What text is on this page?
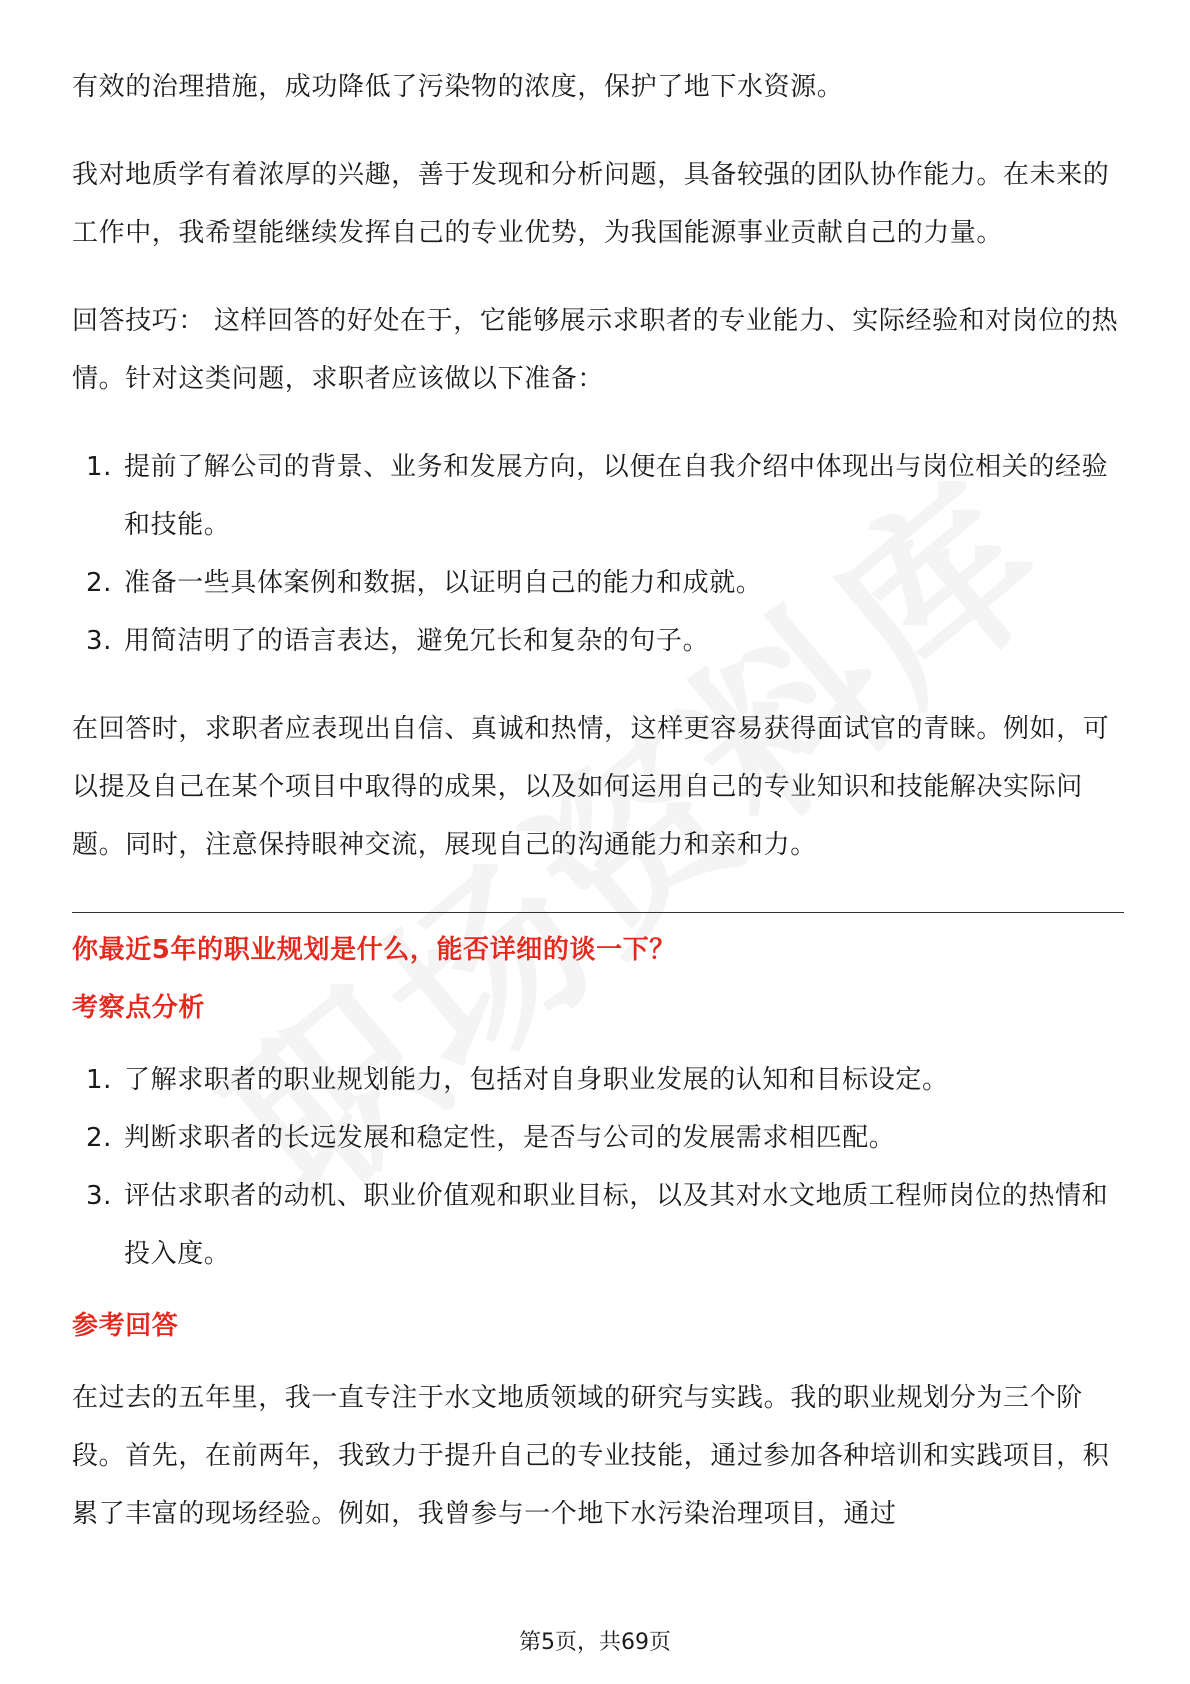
有效的治理措施，成功降低了污染物的浓度，保护了地下水资源。

我对地质学有着浓厚的兴趣，善于发现和分析问题，具备较强的团队协作能力。在未来的工作中，我希望能继续发挥自己的专业优势，为我国能源事业贡献自己的力量。

回答技巧： 这样回答的好处在于，它能够展示求职者的专业能力、实际经验和对岗位的热情。针对这类问题，求职者应该做以下准备：

1. 提前了解公司的背景、业务和发展方向，以便在自我介绍中体现出与岗位相关的经验和技能。
2. 准备一些具体案例和数据，以证明自己的能力和成就。
3. 用简洁明了的语言表达，避免冗长和复杂的句子。

在回答时，求职者应表现出自信、真诚和热情，这样更容易获得面试官的青睐。例如，可以提及自己在某个项目中取得的成果，以及如何运用自己的专业知识和技能解决实际问题。同时，注意保持眼神交流，展现自己的沟通能力和亲和力。

你最近5年的职业规划是什么，能否详细的谈一下？

考察点分析

1. 了解求职者的职业规划能力，包括对自身职业发展的认知和目标设定。
2. 判断求职者的长远发展和稳定性，是否与公司的发展需求相匹配。
3. 评估求职者的动机、职业价值观和职业目标，以及其对水文地质工程师岗位的热情和投入度。

参考回答

在过去的五年里，我一直专注于水文地质领域的研究与实践。我的职业规划分为三个阶段。首先，在前两年，我致力于提升自己的专业技能，通过参加各种培训和实践项目，积累了丰富的现场经验。例如，我曾参与一个地下水污染治理项目，通过

第5页，共69页
